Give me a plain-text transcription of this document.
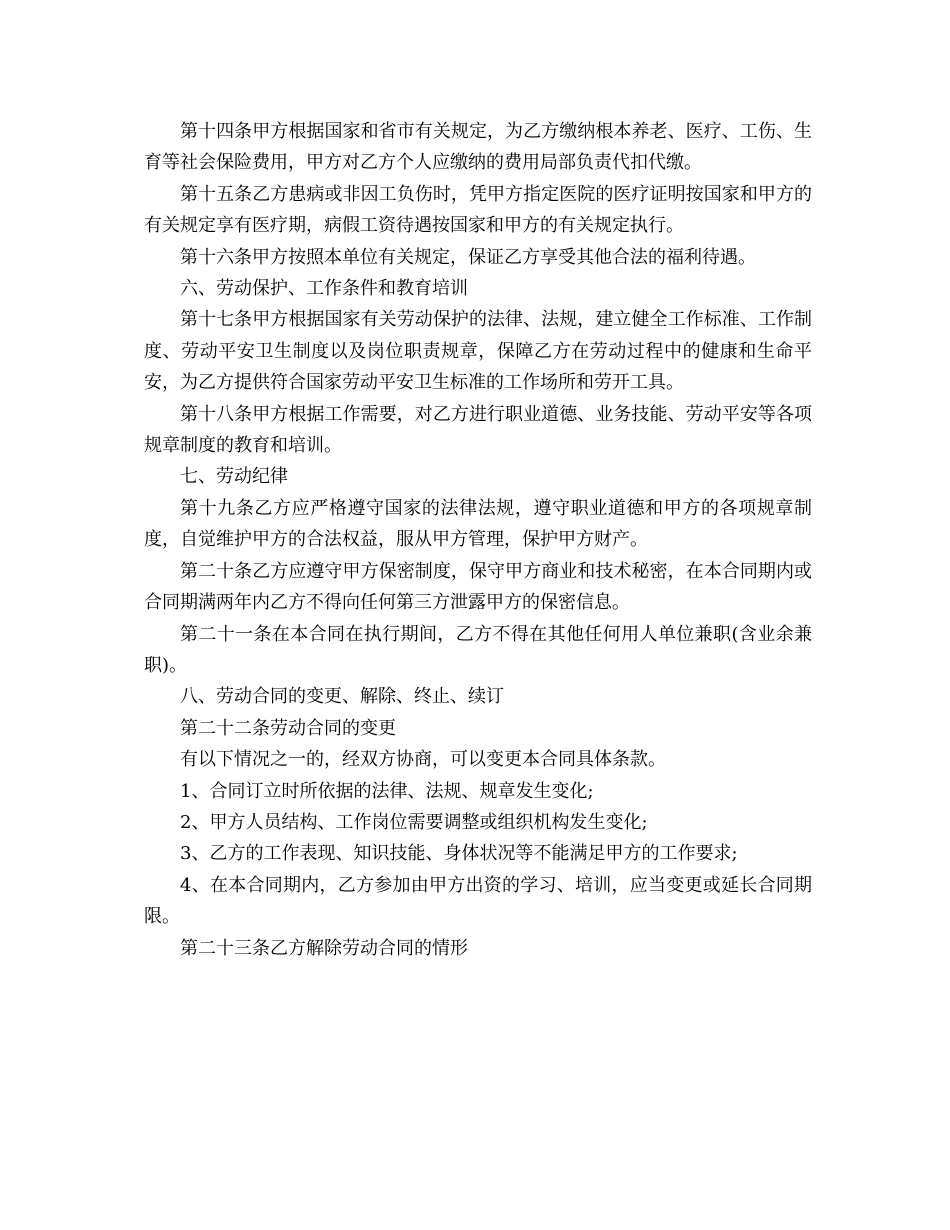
第十四条甲方根据国家和省市有关规定，为乙方缴纳根本养老、医疗、工伤、生育等社会保险费用，甲方对乙方个人应缴纳的费用局部负责代扣代缴。

第十五条乙方患病或非因工负伤时，凭甲方指定医院的医疗证明按国家和甲方的有关规定享有医疗期，病假工资待遇按国家和甲方的有关规定执行。

第十六条甲方按照本单位有关规定，保证乙方享受其他合法的福利待遇。

六、劳动保护、工作条件和教育培训

第十七条甲方根据国家有关劳动保护的法律、法规，建立健全工作标准、工作制度、劳动平安卫生制度以及岗位职责规章，保障乙方在劳动过程中的健康和生命平安，为乙方提供符合国家劳动平安卫生标准的工作场所和劳开工具。

第十八条甲方根据工作需要，对乙方进行职业道德、业务技能、劳动平安等各项规章制度的教育和培训。

七、劳动纪律

第十九条乙方应严格遵守国家的法律法规，遵守职业道德和甲方的各项规章制度，自觉维护甲方的合法权益，服从甲方管理，保护甲方财产。

第二十条乙方应遵守甲方保密制度，保守甲方商业和技术秘密，在本合同期内或合同期满两年内乙方不得向任何第三方泄露甲方的保密信息。

第二十一条在本合同在执行期间，乙方不得在其他任何用人单位兼职(含业余兼职)。

八、劳动合同的变更、解除、终止、续订

第二十二条劳动合同的变更

有以下情况之一的，经双方协商，可以变更本合同具体条款。

1、合同订立时所依据的法律、法规、规章发生变化;

2、甲方人员结构、工作岗位需要调整或组织机构发生变化;

3、乙方的工作表现、知识技能、身体状况等不能满足甲方的工作要求;

4、在本合同期内，乙方参加由甲方出资的学习、培训，应当变更或延长合同期限。

第二十三条乙方解除劳动合同的情形
